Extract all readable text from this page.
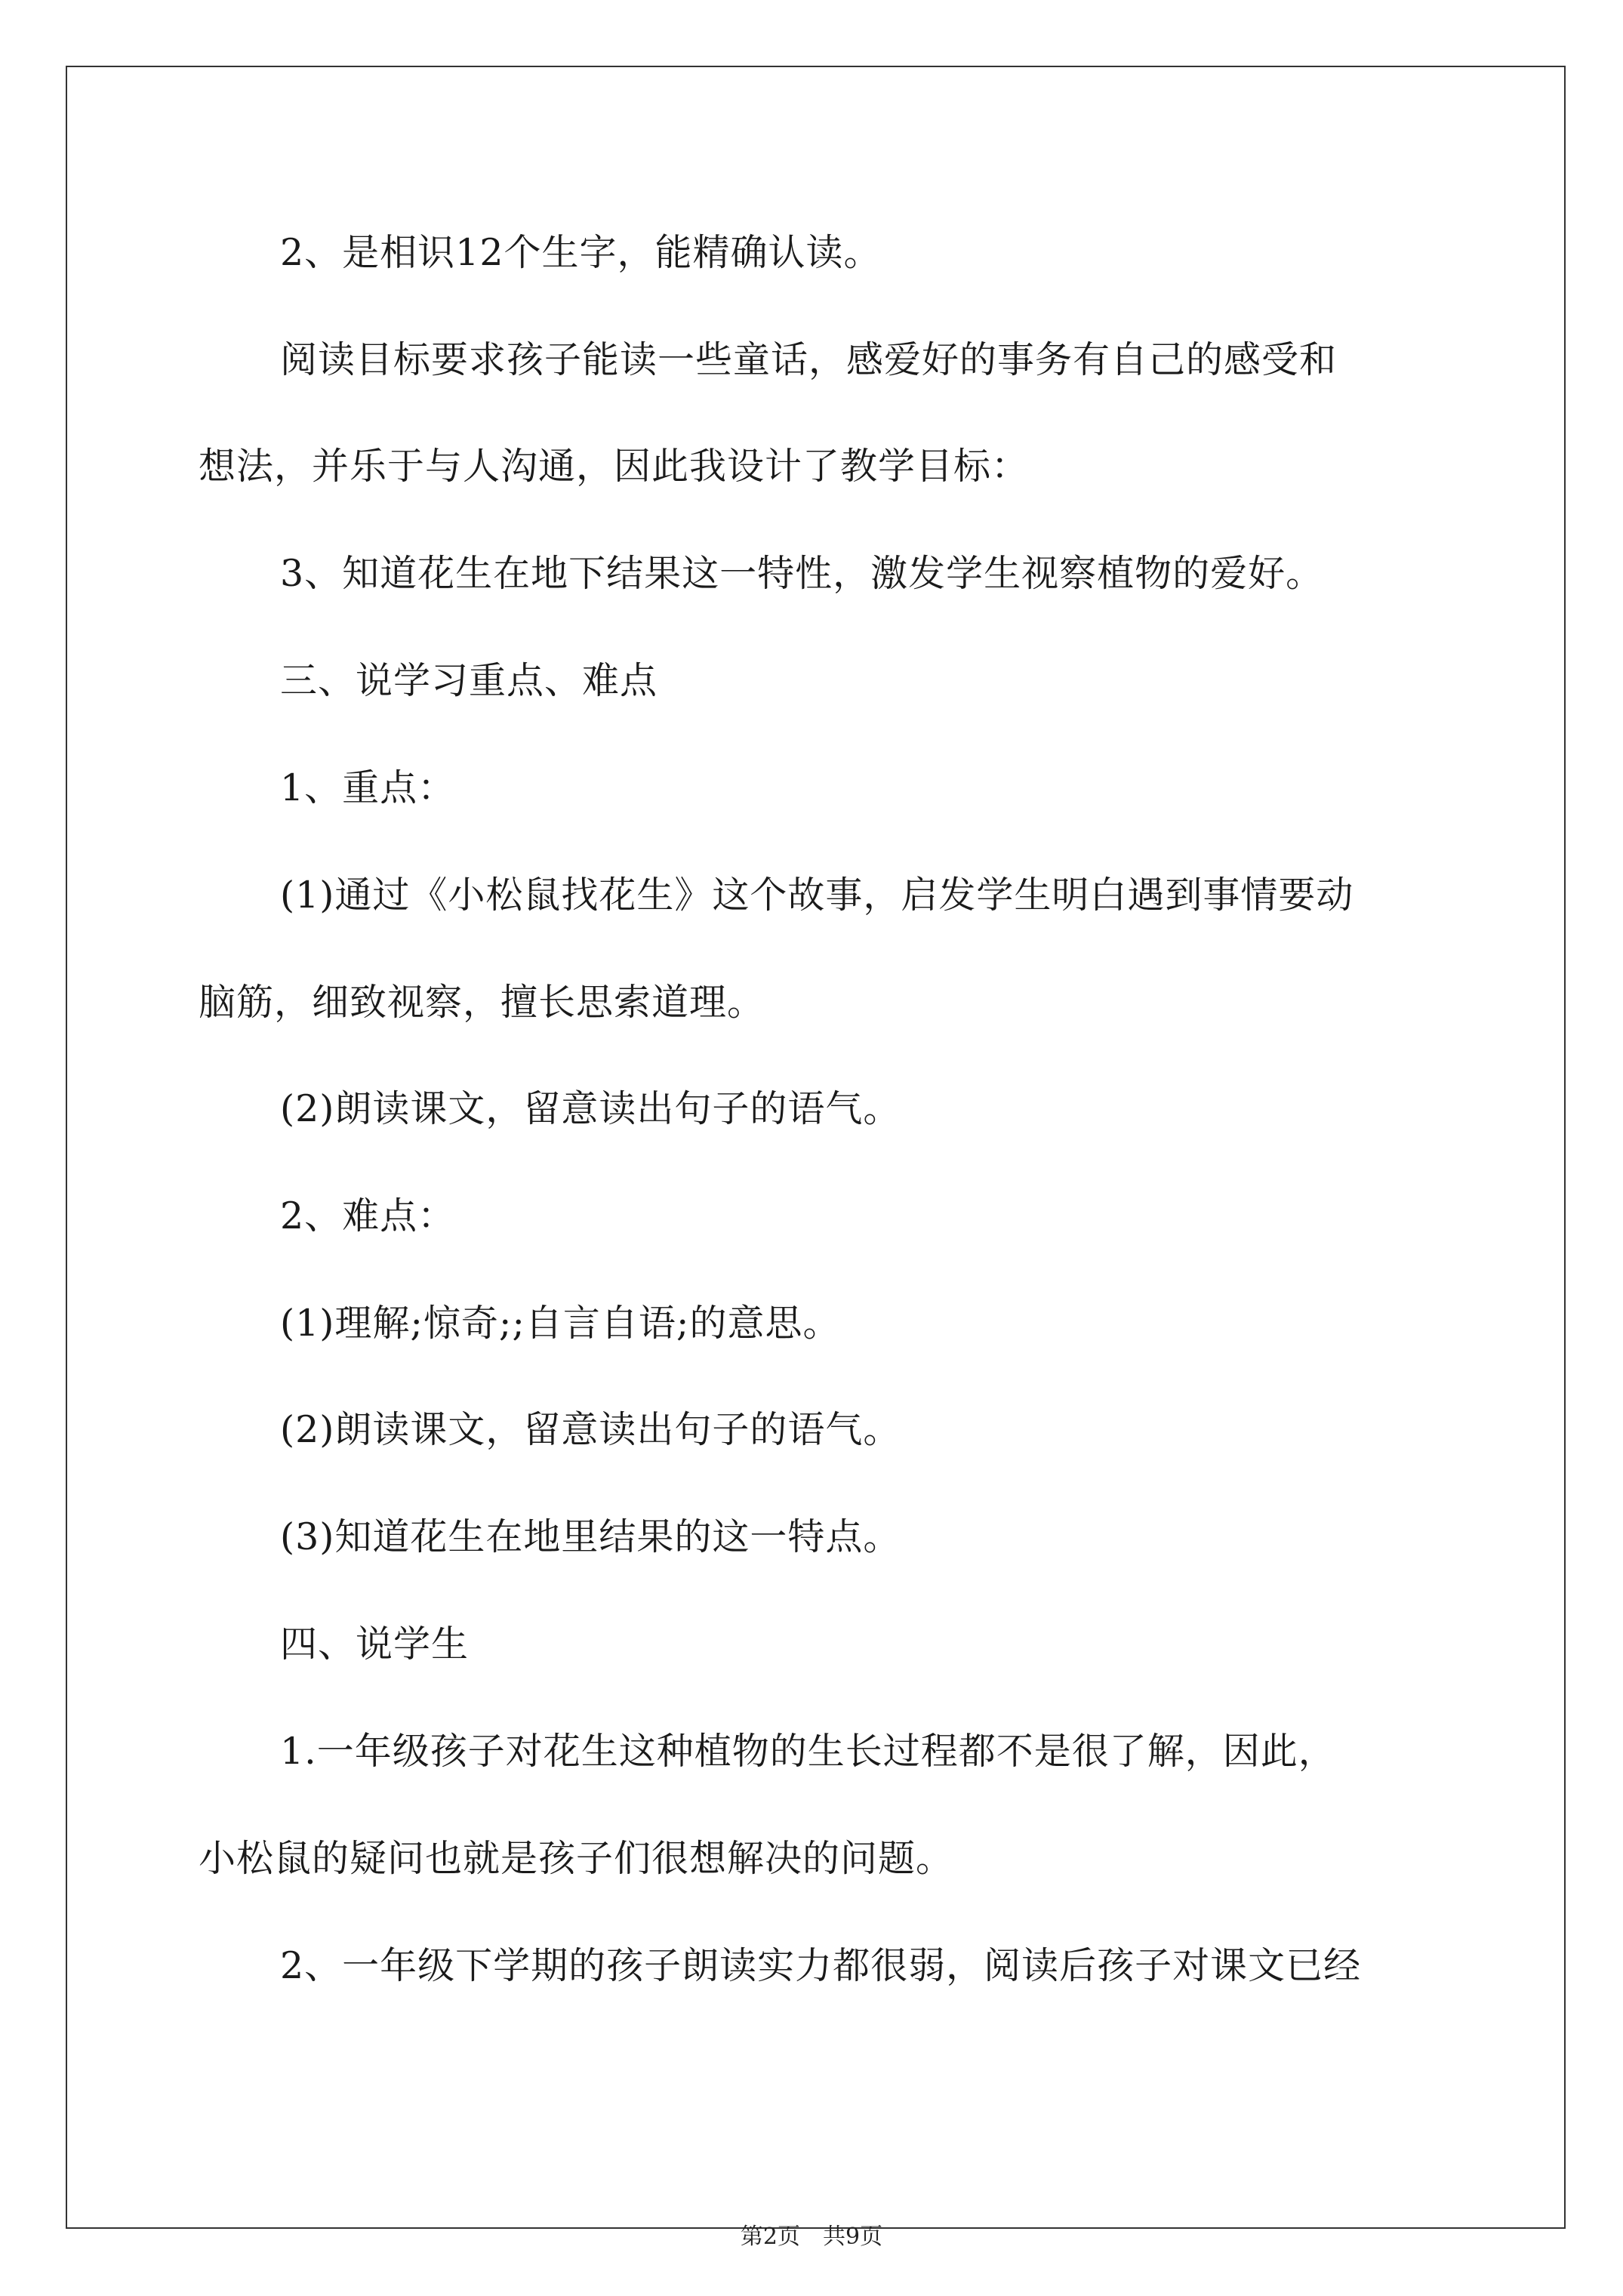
2、是相识12个生字，能精确认读。
阅读目标要求孩子能读一些童话，感爱好的事务有自己的感受和
想法，并乐于与人沟通，因此我设计了教学目标：
3、知道花生在地下结果这一特性，激发学生视察植物的爱好。
三、说学习重点、难点
1、重点：
(1)通过《小松鼠找花生》这个故事，启发学生明白遇到事情要动
脑筋，细致视察，擅长思索道理。
(2)朗读课文，留意读出句子的语气。
2、难点：
(1)理解;惊奇;;自言自语;的意思。
(2)朗读课文，留意读出句子的语气。
(3)知道花生在地里结果的这一特点。
四、说学生
1.一年级孩子对花生这种植物的生长过程都不是很了解，因此，
小松鼠的疑问也就是孩子们很想解决的问题。
2、一年级下学期的孩子朗读实力都很弱，阅读后孩子对课文已经
第2页　共9页
